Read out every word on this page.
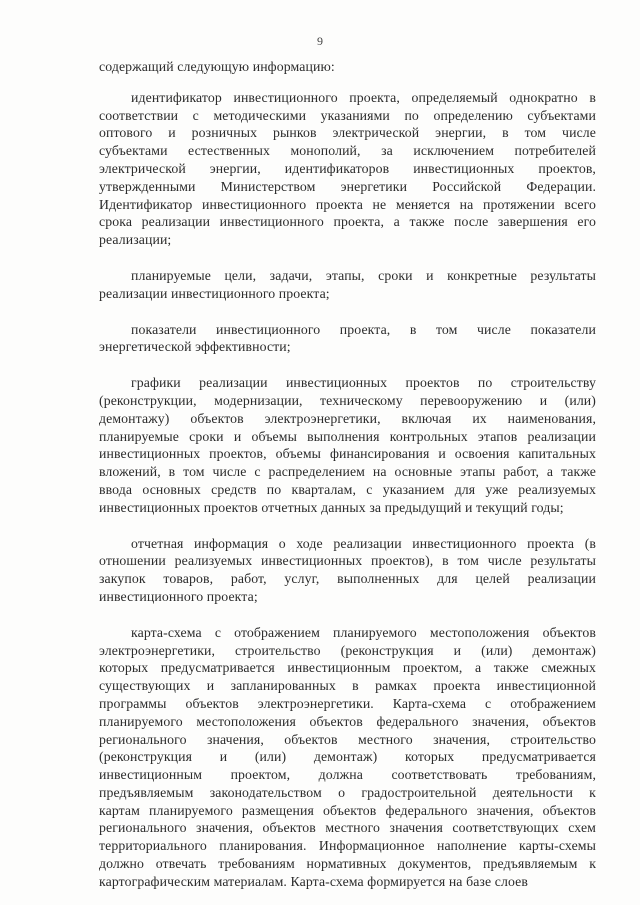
9
содержащий следующую информацию:
идентификатор инвестиционного проекта, определяемый однократно в
соответствии с методическими указаниями по определению субъектами
оптового и розничных рынков электрической энергии, в том числе
субъектами естественных монополий, за исключением потребителей
электрической энергии, идентификаторов инвестиционных проектов,
утвержденными Министерством энергетики Российской Федерации.
Идентификатор инвестиционного проекта не меняется на протяжении всего
срока реализации инвестиционного проекта, а также после завершения его
реализации;
планируемые цели, задачи, этапы, сроки и конкретные результаты
реализации инвестиционного проекта;
показатели инвестиционного проекта, в том числе показатели
энергетической эффективности;
графики реализации инвестиционных проектов по строительству
(реконструкции, модернизации, техническому перевооружению и (или)
демонтажу) объектов электроэнергетики, включая их наименования,
планируемые сроки и объемы выполнения контрольных этапов реализации
инвестиционных проектов, объемы финансирования и освоения капитальных
вложений, в том числе с распределением на основные этапы работ, а также
ввода основных средств по кварталам, с указанием для уже реализуемых
инвестиционных проектов отчетных данных за предыдущий и текущий годы;
отчетная информация о ходе реализации инвестиционного проекта (в
отношении реализуемых инвестиционных проектов), в том числе результаты
закупок товаров, работ, услуг, выполненных для целей реализации
инвестиционного проекта;
карта-схема с отображением планируемого местоположения объектов
электроэнергетики, строительство (реконструкция и (или) демонтаж)
которых предусматривается инвестиционным проектом, а также смежных
существующих и запланированных в рамках проекта инвестиционной
программы объектов электроэнергетики. Карта-схема с отображением
планируемого местоположения объектов федерального значения, объектов
регионального значения, объектов местного значения, строительство
(реконструкция и (или) демонтаж) которых предусматривается
инвестиционным проектом, должна соответствовать требованиям,
предъявляемым законодательством о градостроительной деятельности к
картам планируемого размещения объектов федерального значения, объектов
регионального значения, объектов местного значения соответствующих схем
территориального планирования. Информационное наполнение карты-схемы
должно отвечать требованиям нормативных документов, предъявляемым к
картографическим материалам. Карта-схема формируется на базе слоев
